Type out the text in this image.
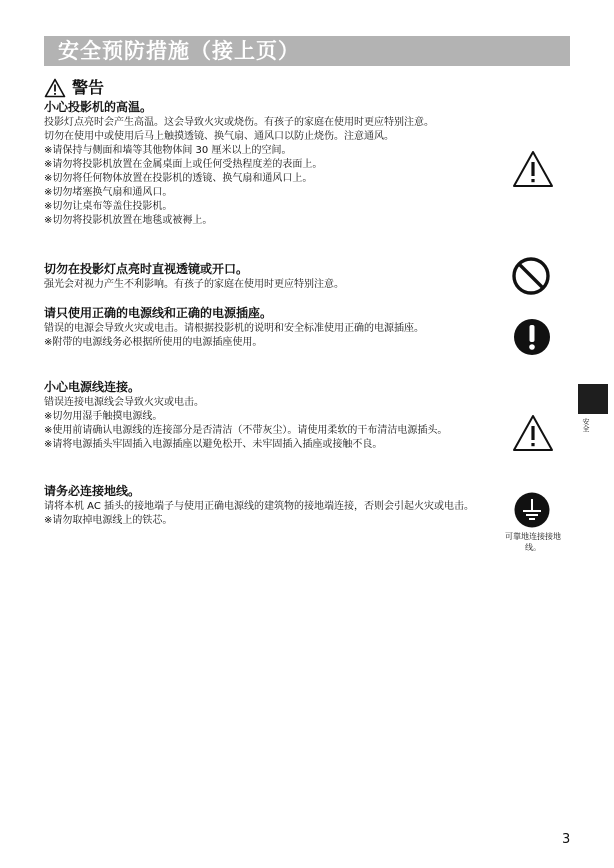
安全预防措施（接上页）
警告

小心投影机的高温。

投影灯点亮时会产生高温。这会导致火灾或烧伤。有孩子的家庭在使用时更应特别注意。

切勿在使用中或使用后马上触摸透镜、换气扇、通风口以防止烧伤。注意通风。

※请保持与侧面和墙等其他物体间 30 厘米以上的空间。

※请勿将投影机放置在金属桌面上或任何受热程度差的表面上。

※切勿将任何物体放置在投影机的透镜、换气扇和通风口上。

※切勿堵塞换气扇和通风口。

※切勿让桌布等盖住投影机。

※切勿将投影机放置在地毯或被褥上。

切勿在投影灯点亮时直视透镜或开口。

强光会对视力产生不利影响。有孩子的家庭在使用时更应特别注意。

请只使用正确的电源线和正确的电源插座。

错误的电源会导致火灾或电击。请根据投影机的说明和安全标准使用正确的电源插座。

※附带的电源线务必根据所使用的电源插座使用。

小心电源线连接。

错误连接电源线会导致火灾或电击。

※切勿用湿手触摸电源线。

※使用前请确认电源线的连接部分是否清洁（不带灰尘）。请使用柔软的干布清洁电源插头。

※请将电源插头牢固插入电源插座以避免松开、未牢固插入插座或接触不良。

请务必连接地线。

请将本机 AC 插头的接地端子与使用正确电源线的建筑物的接地端连接，否则会引起火灾或电击。

※请勿取掉电源线上的铁芯。

可靠地连接接地线。
安全
3
